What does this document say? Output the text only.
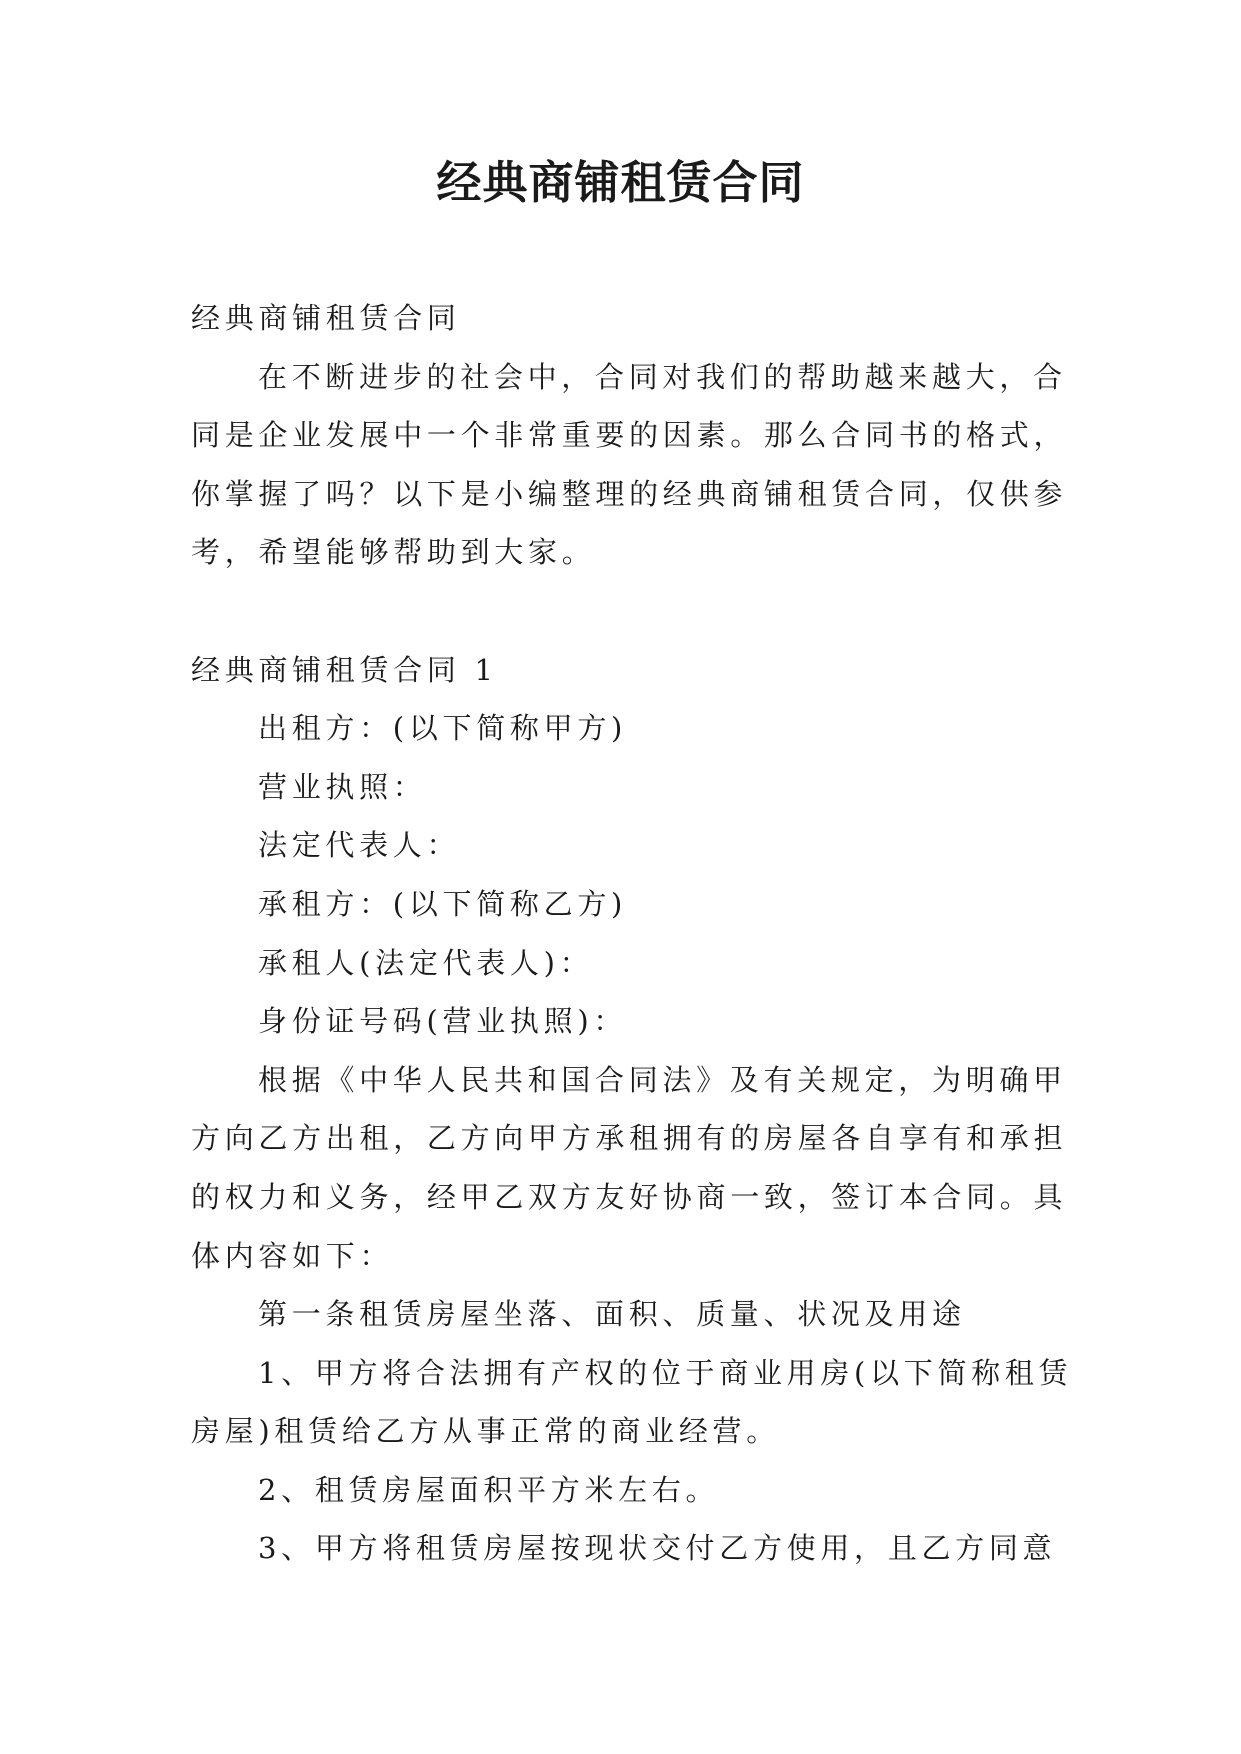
经典商铺租赁合同
经典商铺租赁合同
在不断进步的社会中，合同对我们的帮助越来越大，合
同是企业发展中一个非常重要的因素。那么合同书的格式，
你掌握了吗？以下是小编整理的经典商铺租赁合同，仅供参
考，希望能够帮助到大家。
经典商铺租赁合同 1
出租方：(以下简称甲方)
营业执照：
法定代表人：
承租方：(以下简称乙方)
承租人(法定代表人)：
身份证号码(营业执照)：
根据《中华人民共和国合同法》及有关规定，为明确甲
方向乙方出租，乙方向甲方承租拥有的房屋各自享有和承担
的权力和义务，经甲乙双方友好协商一致，签订本合同。具
体内容如下：
第一条租赁房屋坐落、面积、质量、状况及用途
1、甲方将合法拥有产权的位于商业用房(以下简称租赁
房屋)租赁给乙方从事正常的商业经营。
2、租赁房屋面积平方米左右。
3、甲方将租赁房屋按现状交付乙方使用，且乙方同意
